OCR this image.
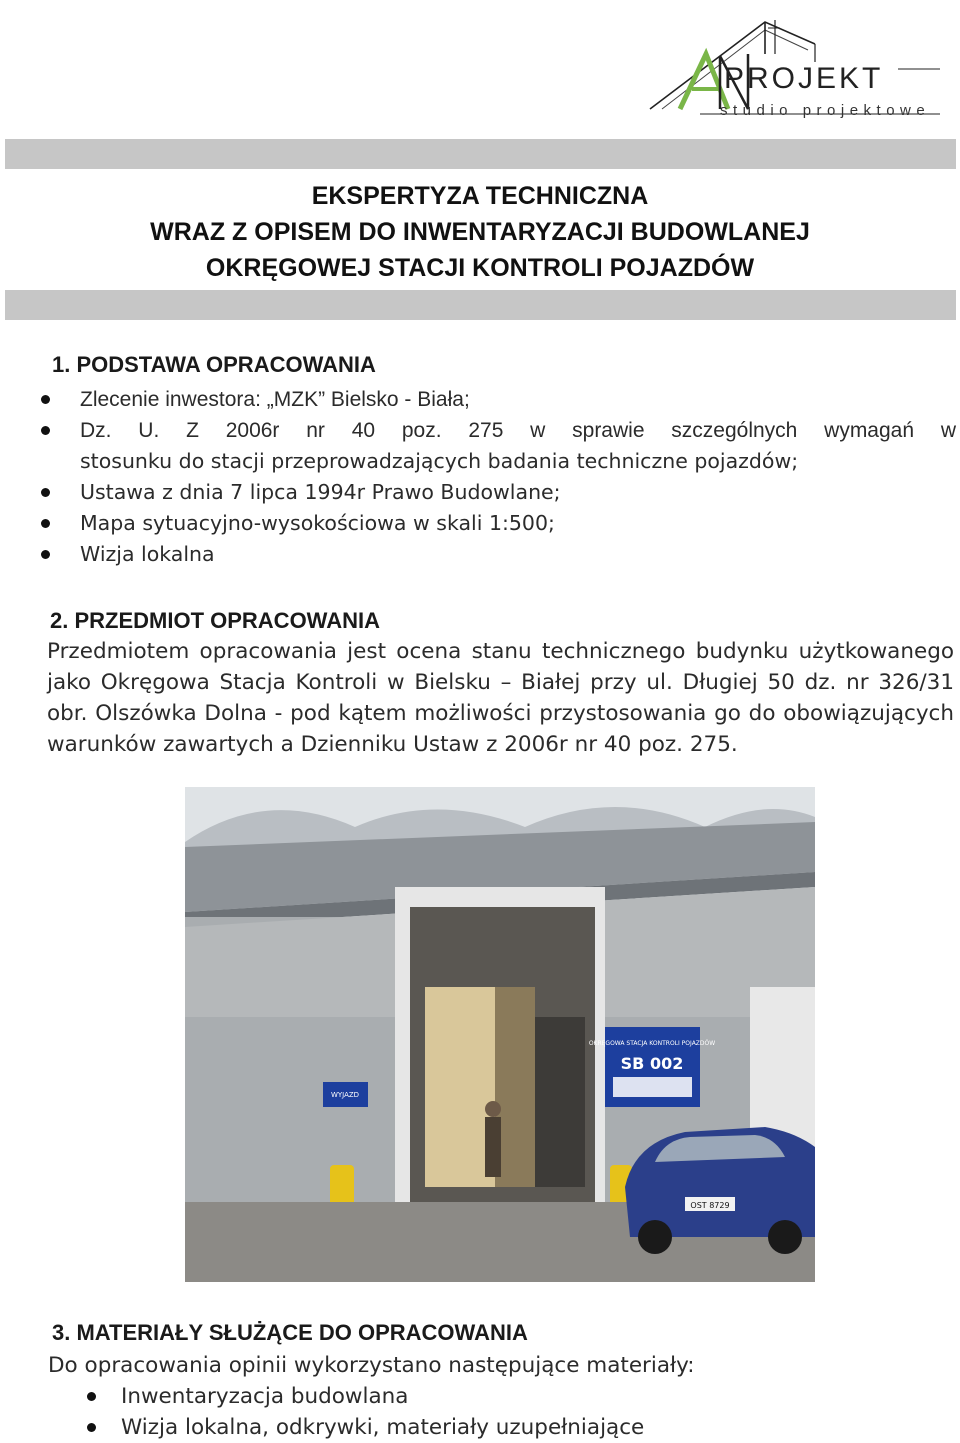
PROJEKT
studio projektowe
EKSPERTYZA TECHNICZNA
WRAZ Z OPISEM DO INWENTARYZACJI BUDOWLANEJ
OKRĘGOWEJ STACJI KONTROLI POJAZDÓW
1. PODSTAWA OPRACOWANIA
Zlecenie inwestora: „MZK” Bielsko - Biała;
Dz. U. Z 2006r nr 40 poz. 275 w sprawie szczególnych wymagań w
stosunku do stacji przeprowadzających badania techniczne pojazdów;
Ustawa z dnia 7 lipca 1994r Prawo Budowlane;
Mapa sytuacyjno-wysokościowa w skali 1:500;
Wizja lokalna
2. PRZEDMIOT OPRACOWANIA

Przedmiotem opracowania jest ocena stanu technicznego budynku użytkowanego jako Okręgowa Stacja Kontroli w Bielsku – Białej przy ul. Długiej 50 dz. nr 326/31 obr. Olszówka Dolna - pod kątem możliwości przystosowania go do obowiązujących warunków zawartych a Dzienniku Ustaw z 2006r nr 40 poz. 275.

OKRĘGOWA STACJA KONTROLI POJAZDÓW
SB 002
WYJAZD
OST 8729
3. MATERIAŁY SŁUŻĄCE DO OPRACOWANIA

Do opracowania opinii wykorzystano następujące materiały:

Inwentaryzacja budowlana
Wizja lokalna, odkrywki, materiały uzupełniające
